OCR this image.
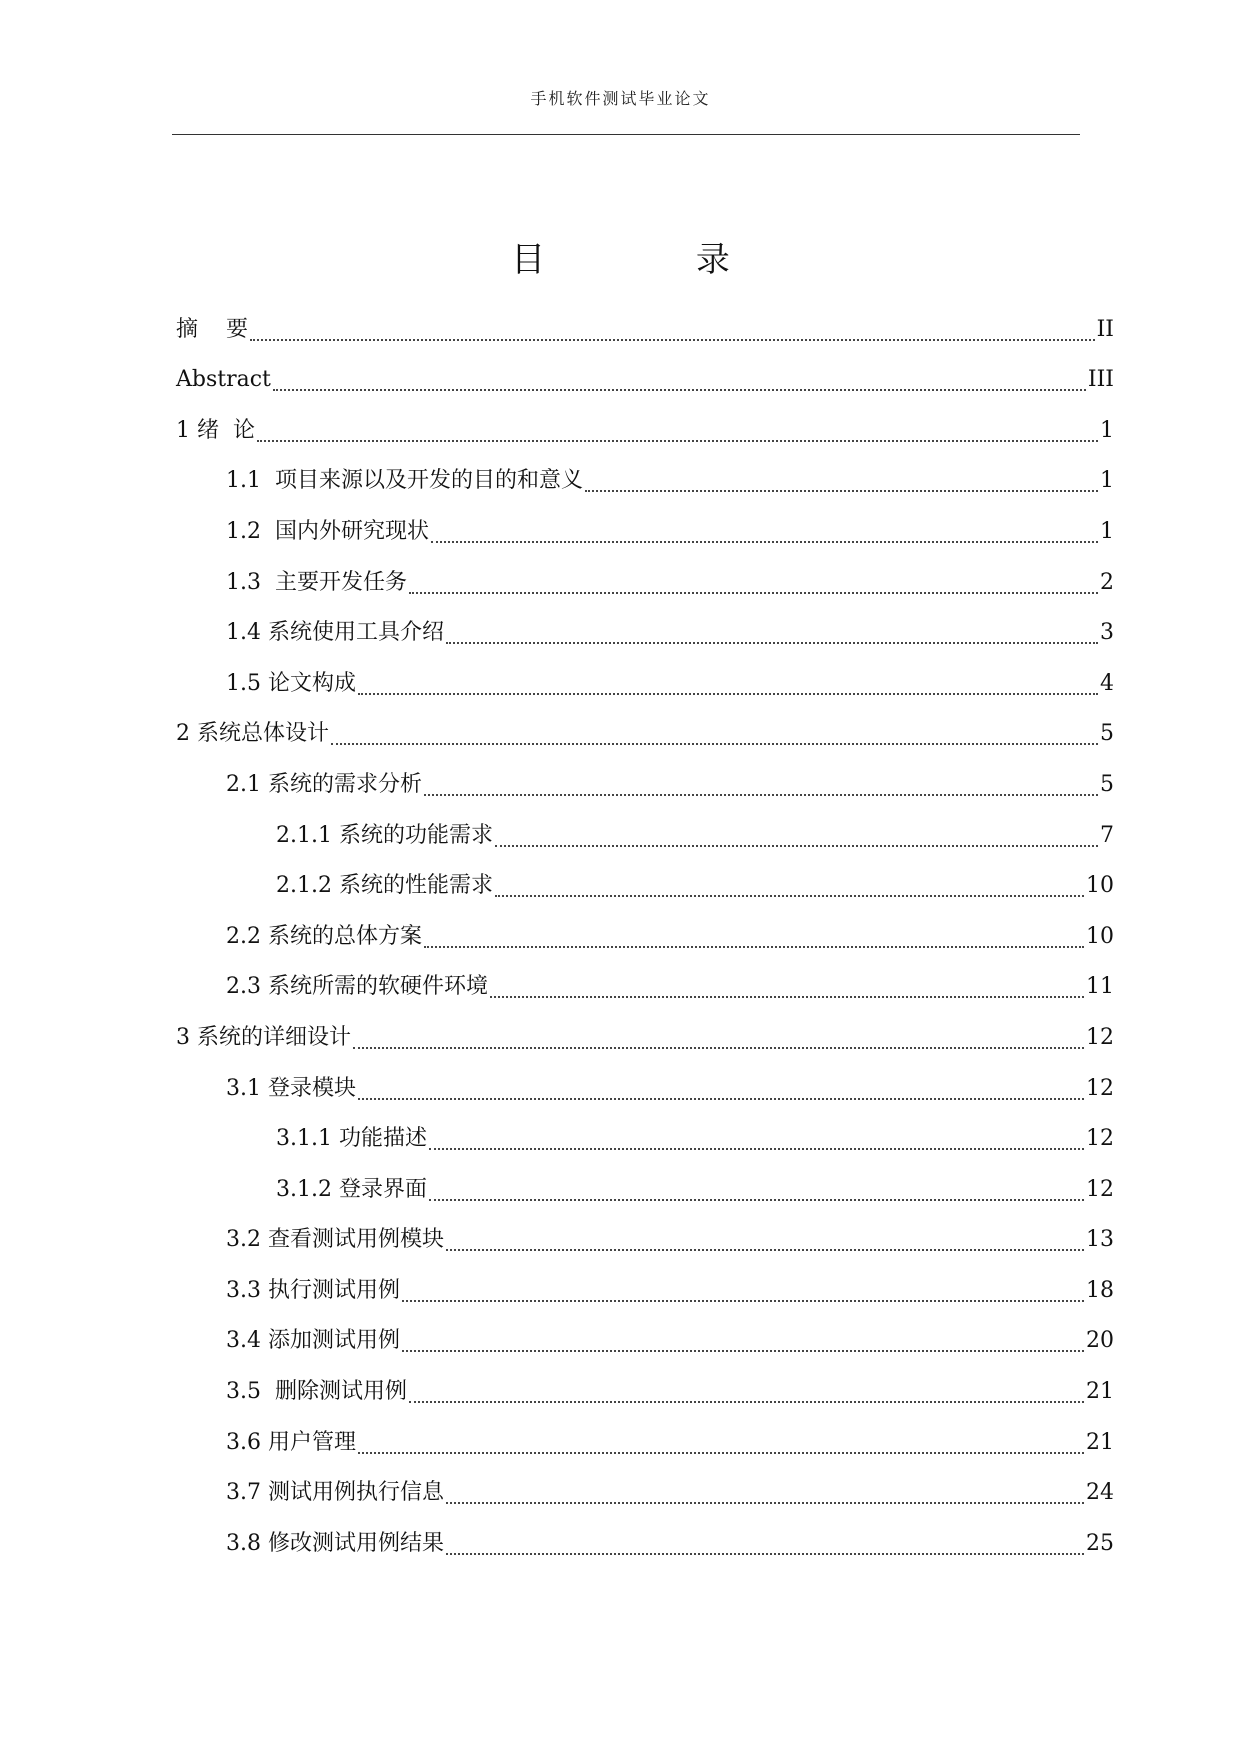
手机软件测试毕业论文
目 录
摘    要	II
Abstract	III
1 绪  论	1
1.1  项目来源以及开发的目的和意义	1
1.2  国内外研究现状	1
1.3  主要开发任务	2
1.4 系统使用工具介绍	3
1.5 论文构成	4
2 系统总体设计	5
2.1 系统的需求分析	5
2.1.1 系统的功能需求	7
2.1.2 系统的性能需求	10
2.2 系统的总体方案	10
2.3 系统所需的软硬件环境	11
3 系统的详细设计	12
3.1 登录模块	12
3.1.1 功能描述	12
3.1.2 登录界面	12
3.2 查看测试用例模块	13
3.3 执行测试用例	18
3.4 添加测试用例	20
3.5  删除测试用例	21
3.6 用户管理	21
3.7 测试用例执行信息	24
3.8 修改测试用例结果	25
